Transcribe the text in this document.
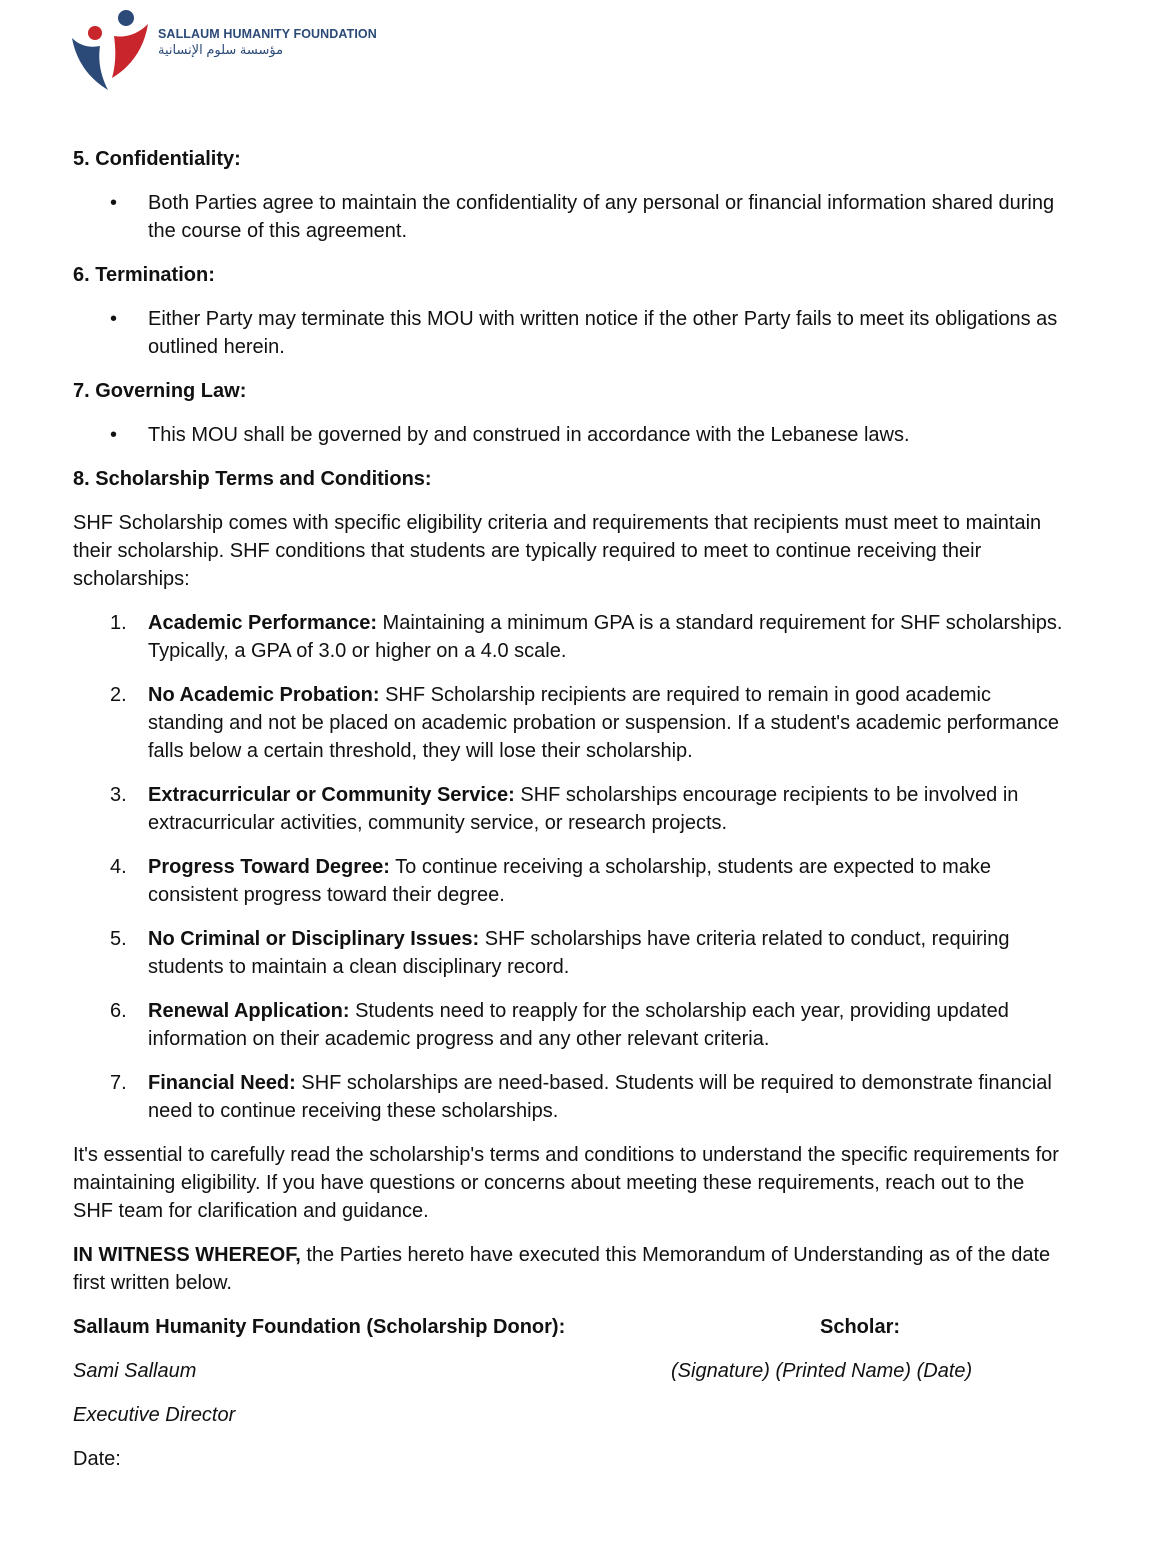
SALLAUM HUMANITY FOUNDATION
مؤسسة سلوم الإنسانية
5. Confidentiality:
• Both Parties agree to maintain the confidentiality of any personal or financial information shared during the course of this agreement.
6. Termination:
• Either Party may terminate this MOU with written notice if the other Party fails to meet its obligations as outlined herein.
7. Governing Law:
• This MOU shall be governed by and construed in accordance with the Lebanese laws.
8. Scholarship Terms and Conditions:
SHF Scholarship comes with specific eligibility criteria and requirements that recipients must meet to maintain their scholarship. SHF conditions that students are typically required to meet to continue receiving their scholarships:
1. Academic Performance: Maintaining a minimum GPA is a standard requirement for SHF scholarships. Typically, a GPA of 3.0 or higher on a 4.0 scale.
2. No Academic Probation: SHF Scholarship recipients are required to remain in good academic standing and not be placed on academic probation or suspension. If a student's academic performance falls below a certain threshold, they will lose their scholarship.
3. Extracurricular or Community Service: SHF scholarships encourage recipients to be involved in extracurricular activities, community service, or research projects.
4. Progress Toward Degree: To continue receiving a scholarship, students are expected to make consistent progress toward their degree.
5. No Criminal or Disciplinary Issues: SHF scholarships have criteria related to conduct, requiring students to maintain a clean disciplinary record.
6. Renewal Application: Students need to reapply for the scholarship each year, providing updated information on their academic progress and any other relevant criteria.
7. Financial Need: SHF scholarships are need-based. Students will be required to demonstrate financial need to continue receiving these scholarships.
It's essential to carefully read the scholarship's terms and conditions to understand the specific requirements for maintaining eligibility. If you have questions or concerns about meeting these requirements, reach out to the SHF team for clarification and guidance.
IN WITNESS WHEREOF, the Parties hereto have executed this Memorandum of Understanding as of the date first written below.
Sallaum Humanity Foundation (Scholarship Donor):	Scholar:
Sami Sallaum	(Signature) (Printed Name) (Date)
Executive Director
Date:
